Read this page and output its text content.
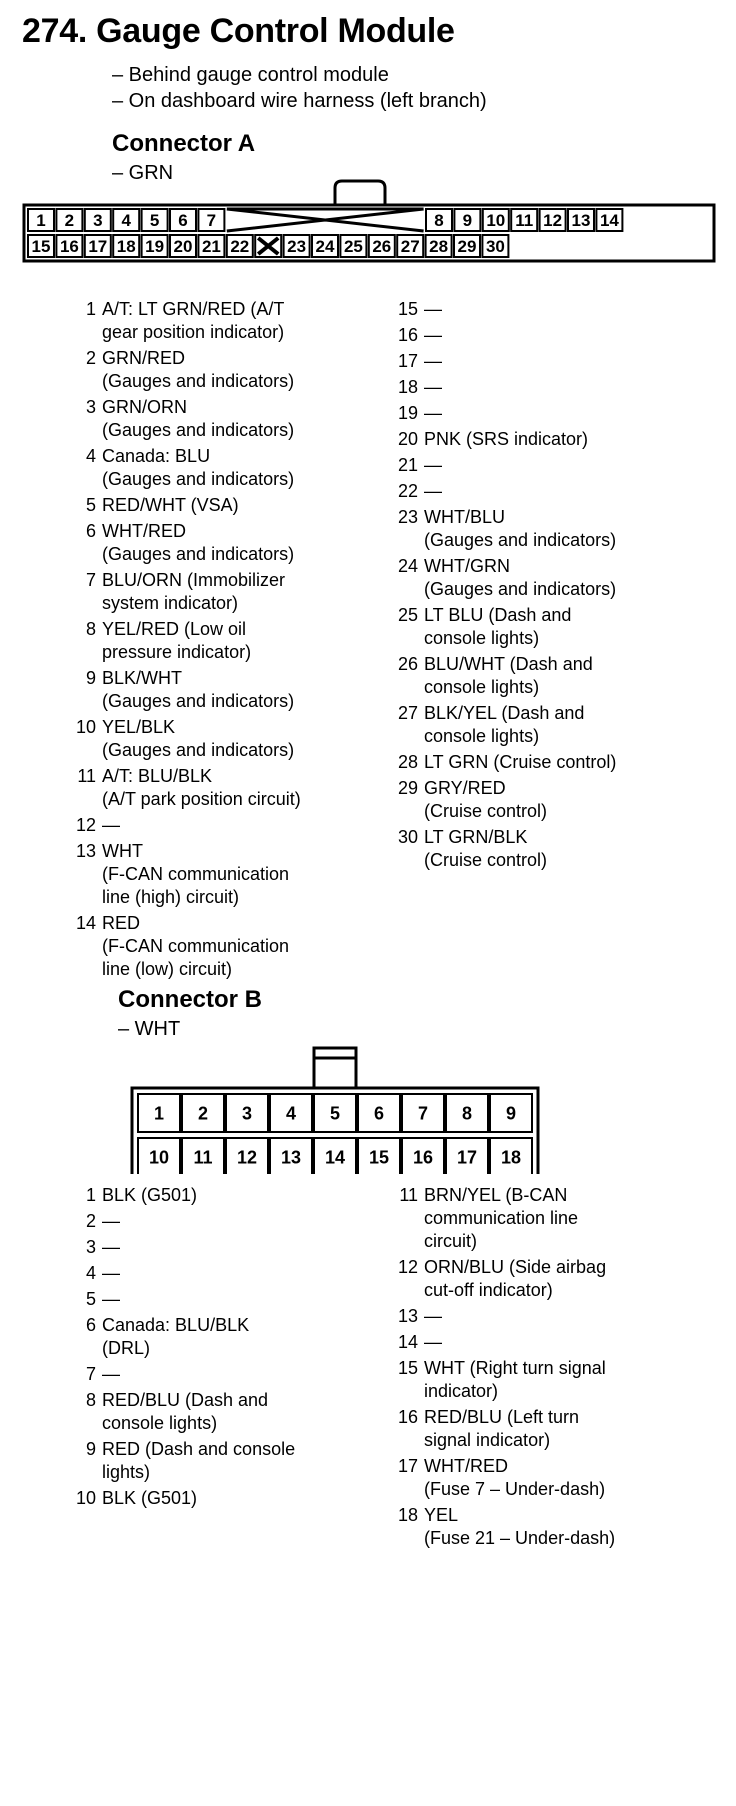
274. Gauge Control Module
– Behind gauge control module
– On dashboard wire harness (left branch)
Connector A
– GRN
1 2 3 4 5 6 7	8 9 10 11 12 13 14
15 16 17 18 19 20 21 22 23 24 25 26 27 28 29 30
1 A/T: LT GRN/RED (A/T
gear position indicator)
2 GRN/RED
(Gauges and indicators)
3 GRN/ORN
(Gauges and indicators)
4 Canada: BLU
(Gauges and indicators)
5 RED/WHT (VSA)
6 WHT/RED
(Gauges and indicators)
7 BLU/ORN (Immobilizer
system indicator)
8 YEL/RED (Low oil
pressure indicator)
9 BLK/WHT
(Gauges and indicators)
10 YEL/BLK
(Gauges and indicators)
11 A/T: BLU/BLK
(A/T park position circuit)
12 —
13 WHT
(F-CAN communication
line (high) circuit)
14 RED
(F-CAN communication
line (low) circuit)
15 —
16 —
17 —
18 —
19 —
20 PNK (SRS indicator)
21 —
22 —
23 WHT/BLU
(Gauges and indicators)
24 WHT/GRN
(Gauges and indicators)
25 LT BLU (Dash and
console lights)
26 BLU/WHT (Dash and
console lights)
27 BLK/YEL (Dash and
console lights)
28 LT GRN (Cruise control)
29 GRY/RED
(Cruise control)
30 LT GRN/BLK
(Cruise control)
Connector B
– WHT
1
10
2
11
3
12
4
13
5
14
6
15
7
16
8
17
9
18
1 BLK (G501)
2 —
3 —
4 —
5 —
6 Canada: BLU/BLK
(DRL)
7 —
8 RED/BLU (Dash and
console lights)
9 RED (Dash and console
lights)
10 BLK (G501)
11 BRN/YEL (B-CAN
communication line
circuit)
12 ORN/BLU (Side airbag
cut-off indicator)
13 —
14 —
15 WHT (Right turn signal
indicator)
16 RED/BLU (Left turn
signal indicator)
17 WHT/RED
(Fuse 7 – Under-dash)
18 YEL
(Fuse 21 – Under-dash)
